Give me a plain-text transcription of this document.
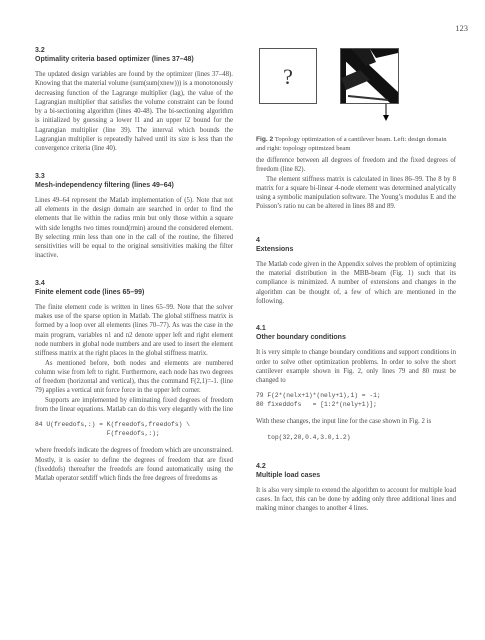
123
3.2
Optimality criteria based optimizer (lines 37–48)

The updated design variables are found by the optimizer (lines 37–48). Knowing that the material volume (sum(sum(xnew))) is a monotonously decreasing function of the Lagrange multiplier (lag), the value of the Lagrangian multiplier that satisfies the volume constraint can be found by a bi-sectioning algorithm (lines 40-48). The bi-sectioning algorithm is initialized by guessing a lower l1 and an upper l2 bound for the Lagrangian multiplier (line 39). The interval which bounds the Lagrangian multiplier is repeatedly halved until its size is less than the convergence criteria (line 40).

3.3
Mesh-independency filtering (lines 49–64)

Lines 49–64 represent the Matlab implementation of (5). Note that not all elements in the design domain are searched in order to find the elements that lie within the radius rmin but only those within a square with side lengths two times round(rmin) around the considered element. By selecting rmin less than one in the call of the routine, the filtered sensitivities will be equal to the original sensitivities making the filter inactive.

3.4
Finite element code (lines 65–99)

The finite element code is written in lines 65–99. Note that the solver makes use of the sparse option in Matlab. The global stiffness matrix is formed by a loop over all elements (lines 70–77). As was the case in the main program, variables n1 and n2 denote upper left and right element node numbers in global node numbers and are used to insert the element stiffness matrix at the right places in the global stiffness matrix.

As mentioned before, both nodes and elements are numbered column wise from left to right. Furthermore, each node has two degrees of freedom (horizontal and vertical), thus the command F(2,1)=-1. (line 79) applies a vertical unit force force in the upper left corner.

Supports are implemented by eliminating fixed degrees of freedom from the linear equations. Matlab can do this very elegantly with the line

84 U(freedofs,:) = K(freedofs,freedofs) \
F(freedofs,:);

where freedofs indicate the degrees of freedom which are unconstrained. Mostly, it is easier to define the degrees of freedom that are fixed (fixeddofs) thereafter the freedofs are found automatically using the Matlab operator setdiff which finds the free degrees of freedoms as

?
Fig. 2 Topology optimization of a cantilever beam. Left: design domain and right: topology optimized beam

the difference between all degrees of freedom and the fixed degrees of freedom (line 82).

The element stiffness matrix is calculated in lines 86–99. The 8 by 8 matrix for a square bi-linear 4-node element was determined analytically using a symbolic manipulation software. The Young’s modulus E and the Poisson’s ratio nu can be altered in lines 88 and 89.

4
Extensions

The Matlab code given in the Appendix solves the problem of optimizing the material distribution in the MBB-beam (Fig. 1) such that its compliance is minimized. A number of extensions and changes in the algorithm can be thought of, a few of which are mentioned in the following.

4.1
Other boundary conditions

It is very simple to change boundary conditions and support conditions in order to solve other optimization problems. In order to solve the short cantilever example shown in Fig. 2, only lines 79 and 80 must be changed to

79 F(2*(nelx+1)*(nely+1),1) = -1;
80 fixeddofs   = [1:2*(nely+1)];

With these changes, the input line for the case shown in Fig. 2 is

top(32,20,0.4,3.0,1.2)
4.2
Multiple load cases

It is also very simple to extend the algorithm to account for multiple load cases. In fact, this can be done by adding only three additional lines and making minor changes to another 4 lines.
